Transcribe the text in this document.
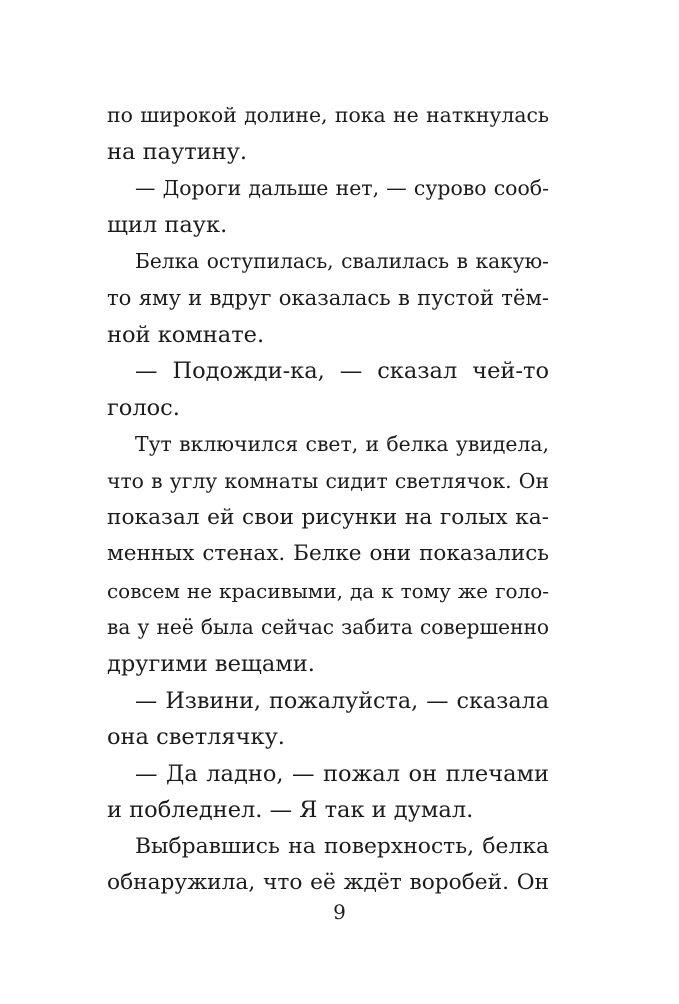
по широкой долине, пока не наткнулась
на паутину.
— Дороги дальше нет, — сурово сооб-
щил паук.
Белка оступилась, свалилась в какую-
то яму и вдруг оказалась в пустой тём-
ной комнате.
— Подожди-ка, — сказал чей-то
голос.
Тут включился свет, и белка увидела,
что в углу комнаты сидит светлячок. Он
показал ей свои рисунки на голых ка-
менных стенах. Белке они показались
совсем не красивыми, да к тому же голо-
ва у неё была сейчас забита совершенно
другими вещами.
— Извини, пожалуйста, — сказала
она светлячку.
— Да ладно, — пожал он плечами
и побледнел. — Я так и думал.
Выбравшись на поверхность, белка
обнаружила, что её ждёт воробей. Он
9
